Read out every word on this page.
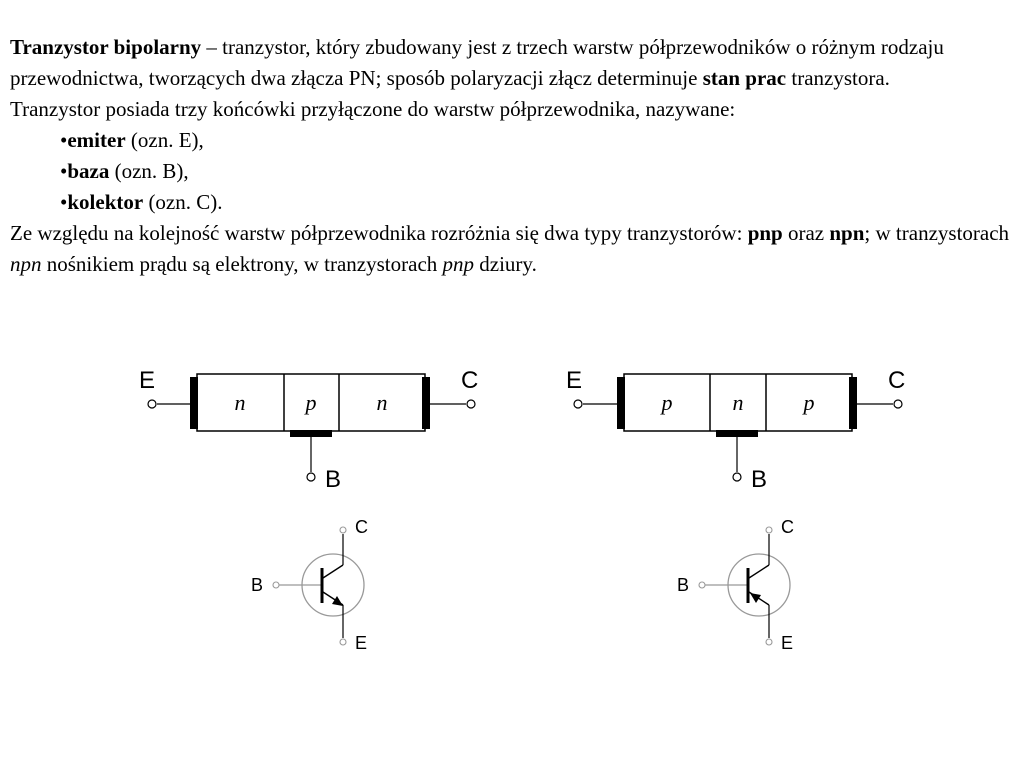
Tranzystor bipolarny – tranzystor, który zbudowany jest z trzech warstw półprzewodników o różnym rodzaju przewodnictwa, tworzących dwa złącza PN; sposób polaryzacji złącz determinuje stan prac tranzystora.

Tranzystor posiada trzy końcówki przyłączone do warstw półprzewodnika, nazywane:

•emiter (ozn. E),

•baza (ozn. B),

•kolektor (ozn. C).

Ze względu na kolejność warstw półprzewodnika rozróżnia się dwa typy tranzystorów: pnp oraz npn; w tranzystorach npn nośnikiem prądu są elektrony, w tranzystorach pnp dziury.

n	p	n
E	C
B
p	n	p
E	C
B
C
B
E
C
B
E
